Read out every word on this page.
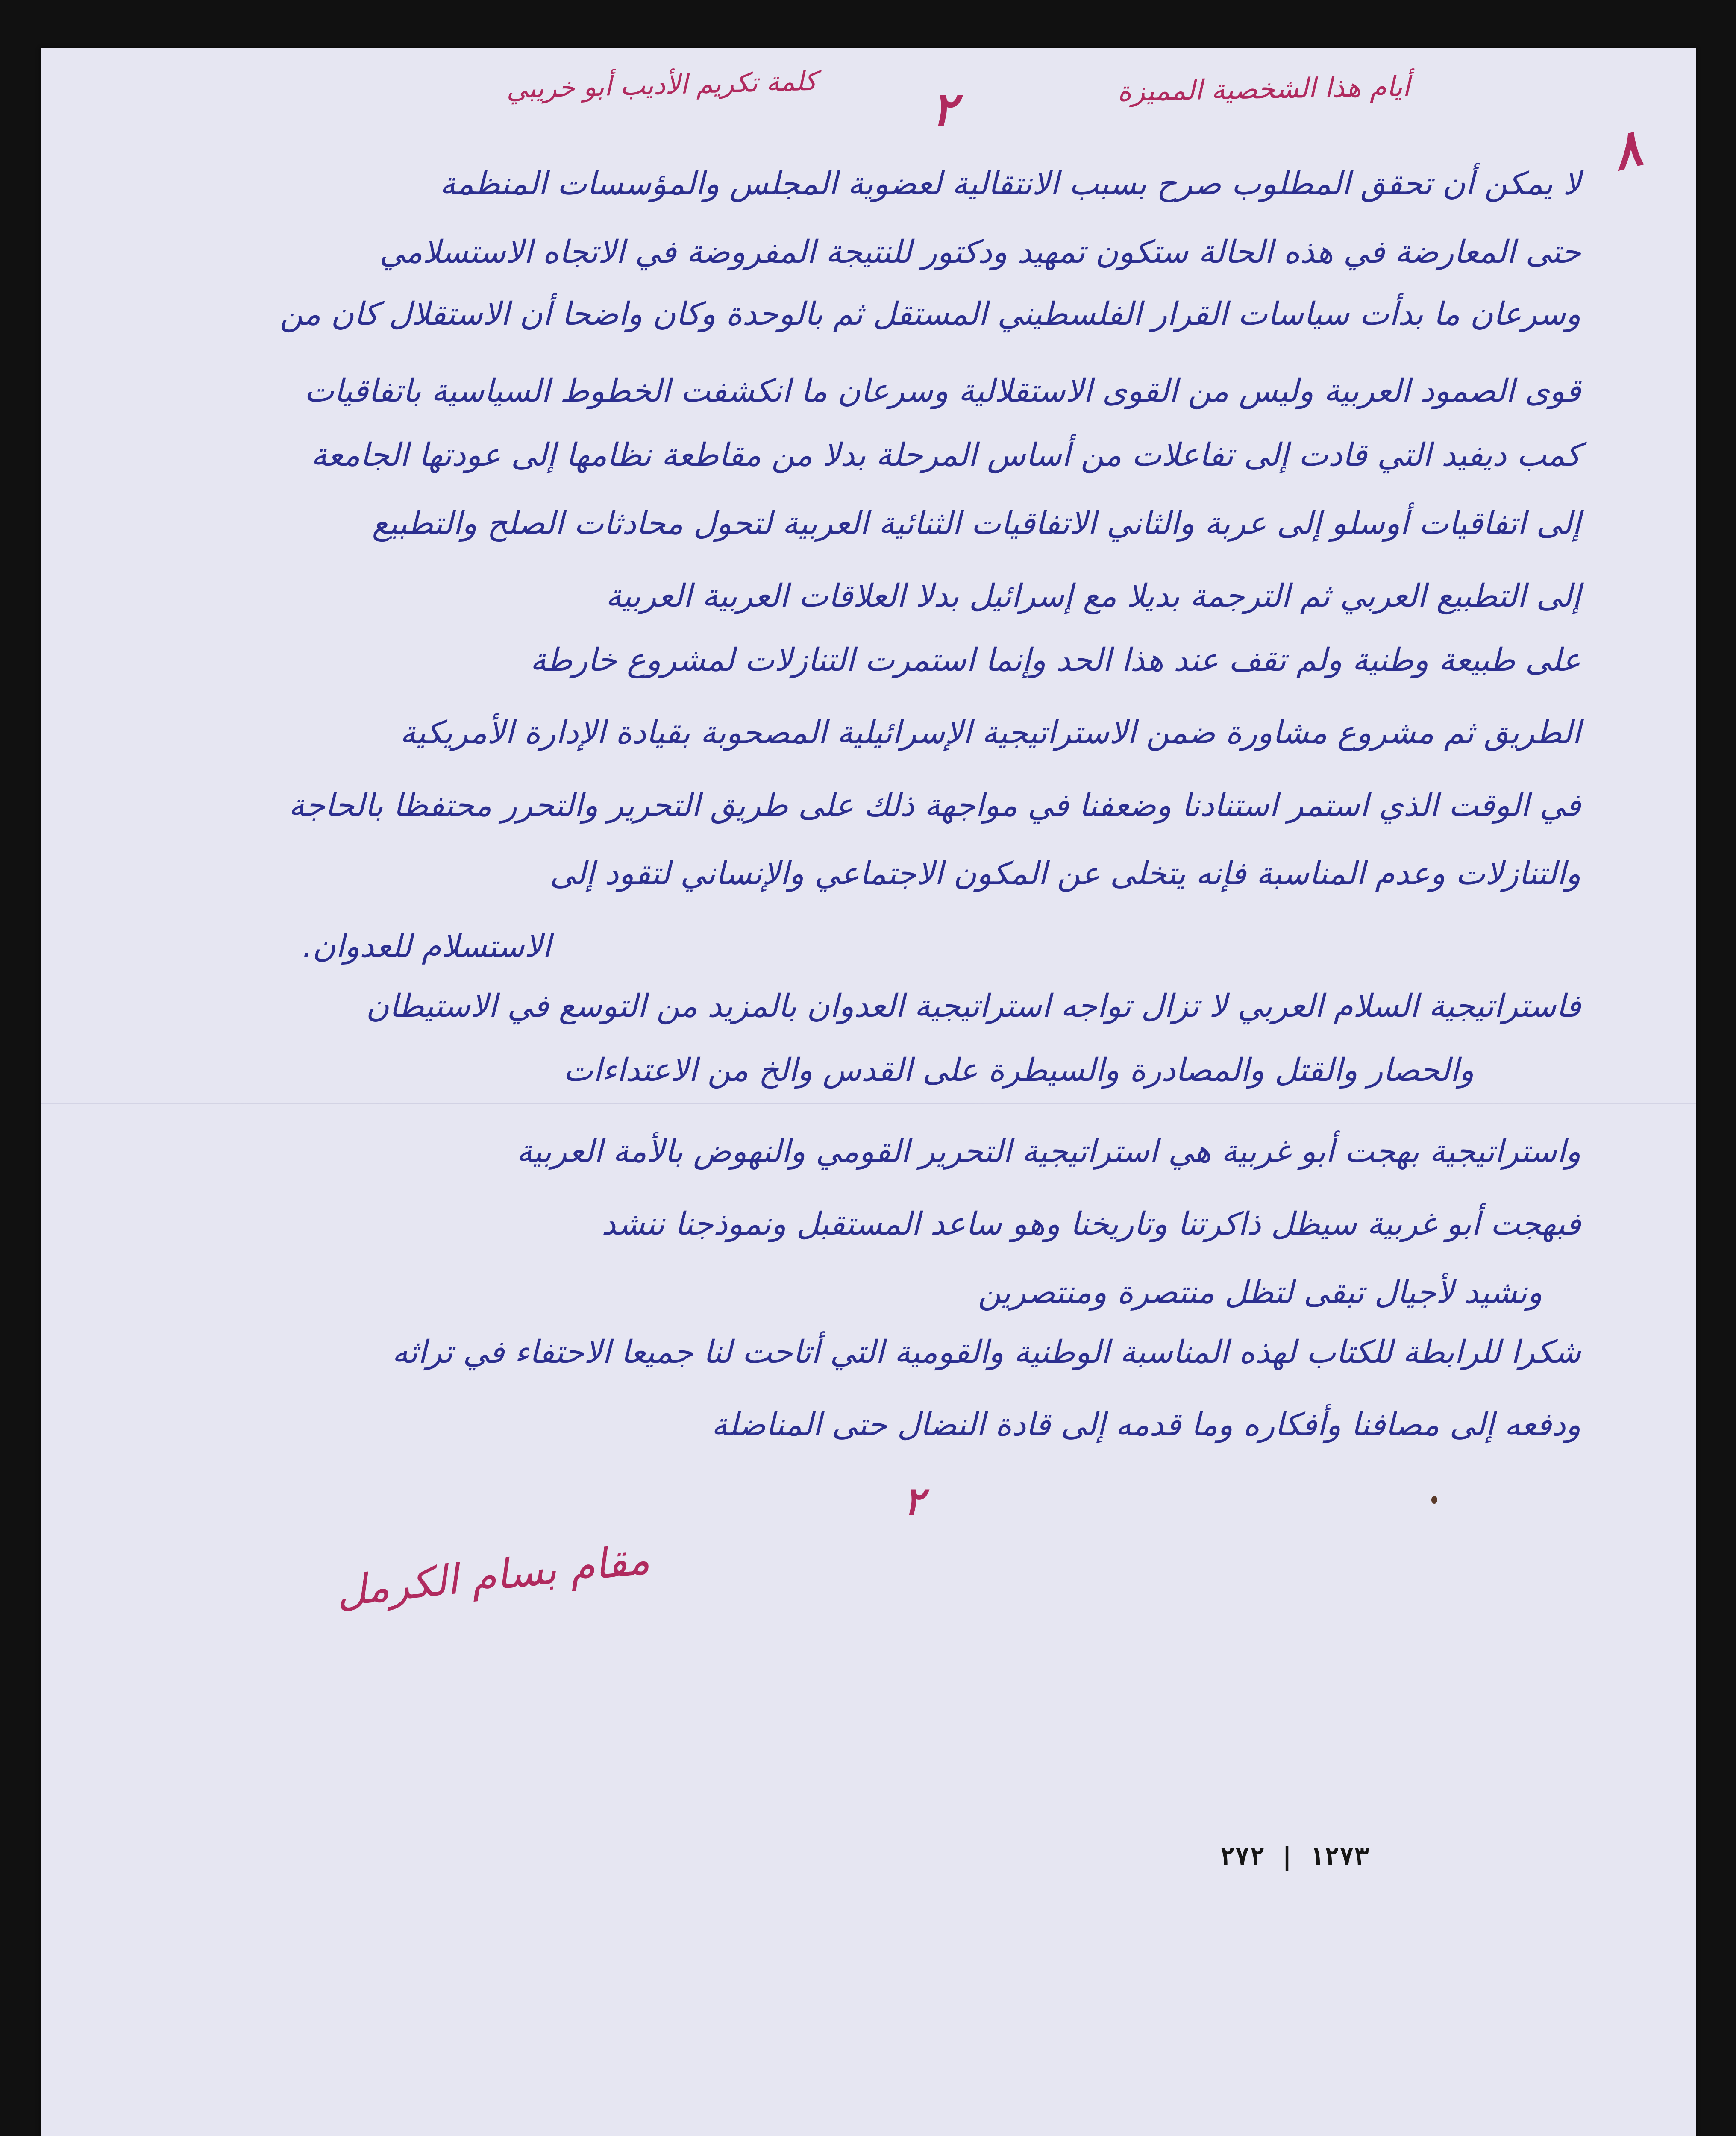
كلمة تكريم الأديب أبو خريبي ٢	أيام هذا الشخصية المميزة
٨
لا يمكن أن تحقق المطلوب صرح بسبب الانتقالية لعضوية المجلس والمؤسسات المنظمة
حتى المعارضة في هذه الحالة ستكون تمهيد ودكتور للنتيجة المفروضة في الاتجاه الاستسلامي
وسرعان ما بدأت سياسات القرار الفلسطيني المستقل ثم بالوحدة وكان واضحا أن الاستقلال كان من
قوى الصمود العربية وليس من القوى الاستقلالية وسرعان ما انكشفت الخطوط السياسية باتفاقيات
كمب ديفيد التي قادت إلى تفاعلات من أساس المرحلة بدلا من مقاطعة نظامها إلى عودتها الجامعة
إلى اتفاقيات أوسلو إلى عربة والثاني الاتفاقيات الثنائية العربية لتحول محادثات الصلح والتطبيع
إلى التطبيع العربي ثم الترجمة بديلا مع إسرائيل بدلا العلاقات العربية العربية
على طبيعة وطنية ولم تقف عند هذا الحد وإنما استمرت التنازلات لمشروع خارطة
الطريق ثم مشروع مشاورة ضمن الاستراتيجية الإسرائيلية المصحوبة بقيادة الإدارة الأمريكية
في الوقت الذي استمر استنادنا وضعفنا في مواجهة ذلك على طريق التحرير والتحرر محتفظا بالحاجة
والتنازلات وعدم المناسبة فإنه يتخلى عن المكون الاجتماعي والإنساني لتقود إلى
الاستسلام للعدوان.
فاستراتيجية السلام العربي لا تزال تواجه استراتيجية العدوان بالمزيد من التوسع في الاستيطان
والحصار والقتل والمصادرة والسيطرة على القدس والخ من الاعتداءات
واستراتيجية بهجت أبو غربية هي استراتيجية التحرير القومي والنهوض بالأمة العربية
فبهجت أبو غربية سيظل ذاكرتنا وتاريخنا وهو ساعد المستقبل ونموذجنا ننشد
ونشيد لأجيال تبقى لتظل منتصرة ومنتصرين
شكرا للرابطة للكتاب لهذه المناسبة الوطنية والقومية التي أتاحت لنا جميعا الاحتفاء في تراثه
ودفعه إلى مصافنا وأفكاره وما قدمه إلى قادة النضال حتى المناضلة
٢
مقام بسام الكرمل
١٢٧٣ | ٢٧٢
